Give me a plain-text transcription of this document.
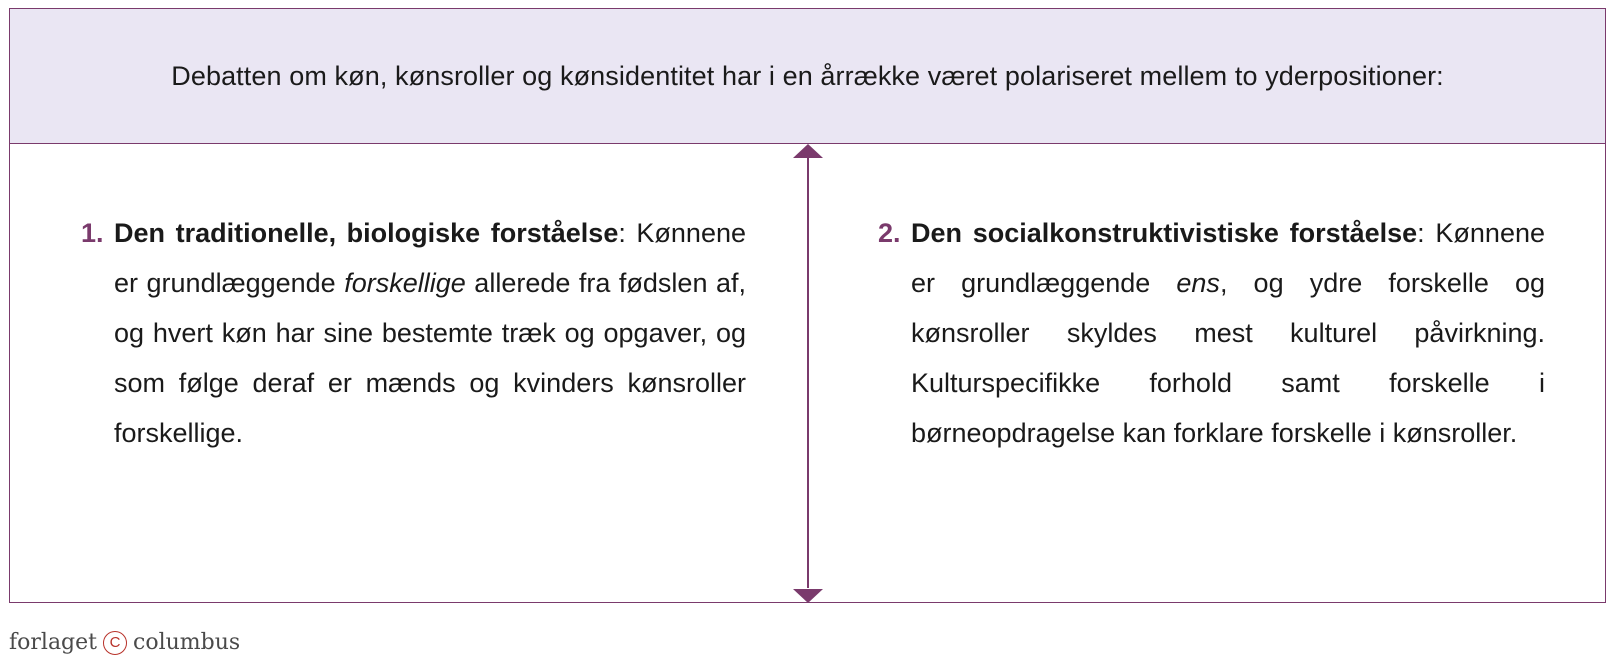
Debatten om køn, kønsroller og kønsidentitet har i en årrække været polariseret mellem to yderpositioner:
1. Den traditionelle, biologiske forståelse: Kønnene er grundlæggende forskellige allerede fra fødslen af, og hvert køn har sine bestemte træk og opgaver, og som følge deraf er mænds og kvinders kønsroller forskellige.
2. Den socialkonstruktivistiske forståelse: Kønnene er grundlæggende ens, og ydre forskelle og kønsroller skyldes mest kulturel påvirkning. Kulturspecifikke forhold samt forskelle i børneopdragelse kan forklare forskelle i kønsroller.
forlaget C columbus
